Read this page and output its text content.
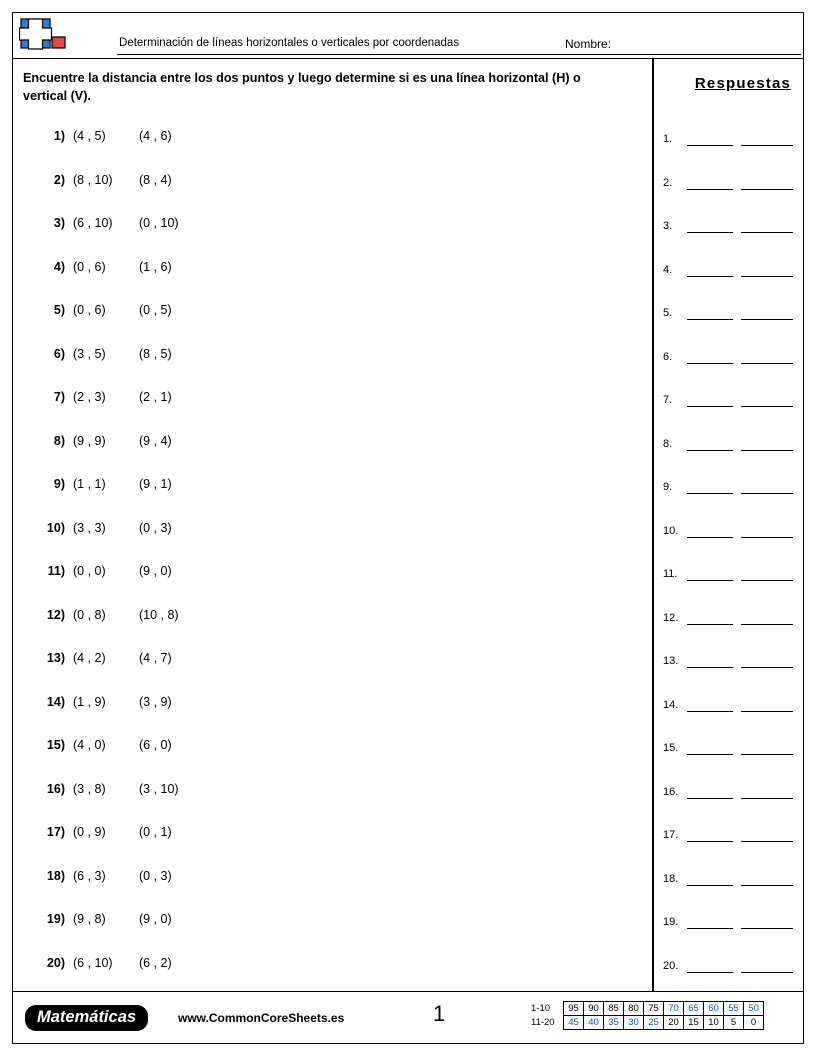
Determinación de líneas horizontales o verticales por coordenadas	Nombre:
Encuentre la distancia entre los dos puntos y luego determine si es una línea horizontal (H) o vertical (V).
1) (4 , 5)	(4 , 6)
2) (8 , 10) (8 , 4)
3) (6 , 10) (0 , 10)
4) (0 , 6)	(1 , 6)
5) (0 , 6)	(0 , 5)
6) (3 , 5)	(8 , 5)
7) (2 , 3)	(2 , 1)
8) (9 , 9)	(9 , 4)
9) (1 , 1)	(9 , 1)
10) (3 , 3)	(0 , 3)
11) (0 , 0)	(9 , 0)
12) (0 , 8)	(10 , 8)
13) (4 , 2)	(4 , 7)
14) (1 , 9)	(3 , 9)
15) (4 , 0)	(6 , 0)
16) (3 , 8)	(3 , 10)
17) (0 , 9)	(0 , 1)
18) (6 , 3)	(0 , 3)
19) (9 , 8)	(9 , 0)
20) (6 , 10) (6 , 2)
Respuestas
1.
2.
3.
4.
5.
6.
7.
8.
9.
10.
11.
12.
13.
14.
15.
16.
17.
18.
19.
20.
Matemáticas	www.CommonCoreSheets.es	1	1-10	95	90	85	80	75	70	65	60	55	50
11-20	45	40	35	30	25	20	15	10	5	0
